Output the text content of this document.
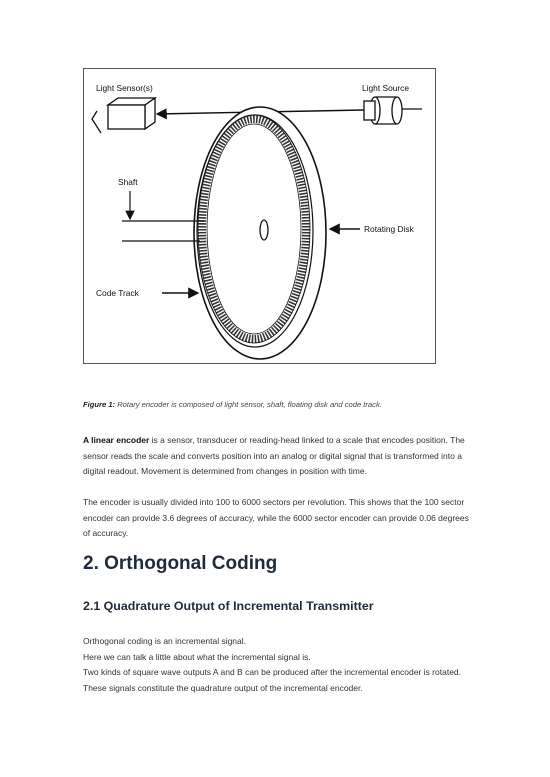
Light Sensor(s)	Light Source
Shaft
Rotating Disk
Code Track
Figure 1: Rotary encoder is composed of light sensor, shaft, floating disk and code track.

A linear encoder is a sensor, transducer or reading-head linked to a scale that encodes position. The sensor reads the scale and converts position into an analog or digital signal that is transformed into a digital readout. Movement is determined from changes in position with time.

The encoder is usually divided into 100 to 6000 sectors per revolution. This shows that the 100 sector encoder can provide 3.6 degrees of accuracy, while the 6000 sector encoder can provide 0.06 degrees of accuracy.

2. Orthogonal Coding
2.1 Quadrature Output of Incremental Transmitter

Orthogonal coding is an incremental signal.

Here we can talk a little about what the incremental signal is.

Two kinds of square wave outputs A and B can be produced after the incremental encoder is rotated. These signals constitute the quadrature output of the incremental encoder.
